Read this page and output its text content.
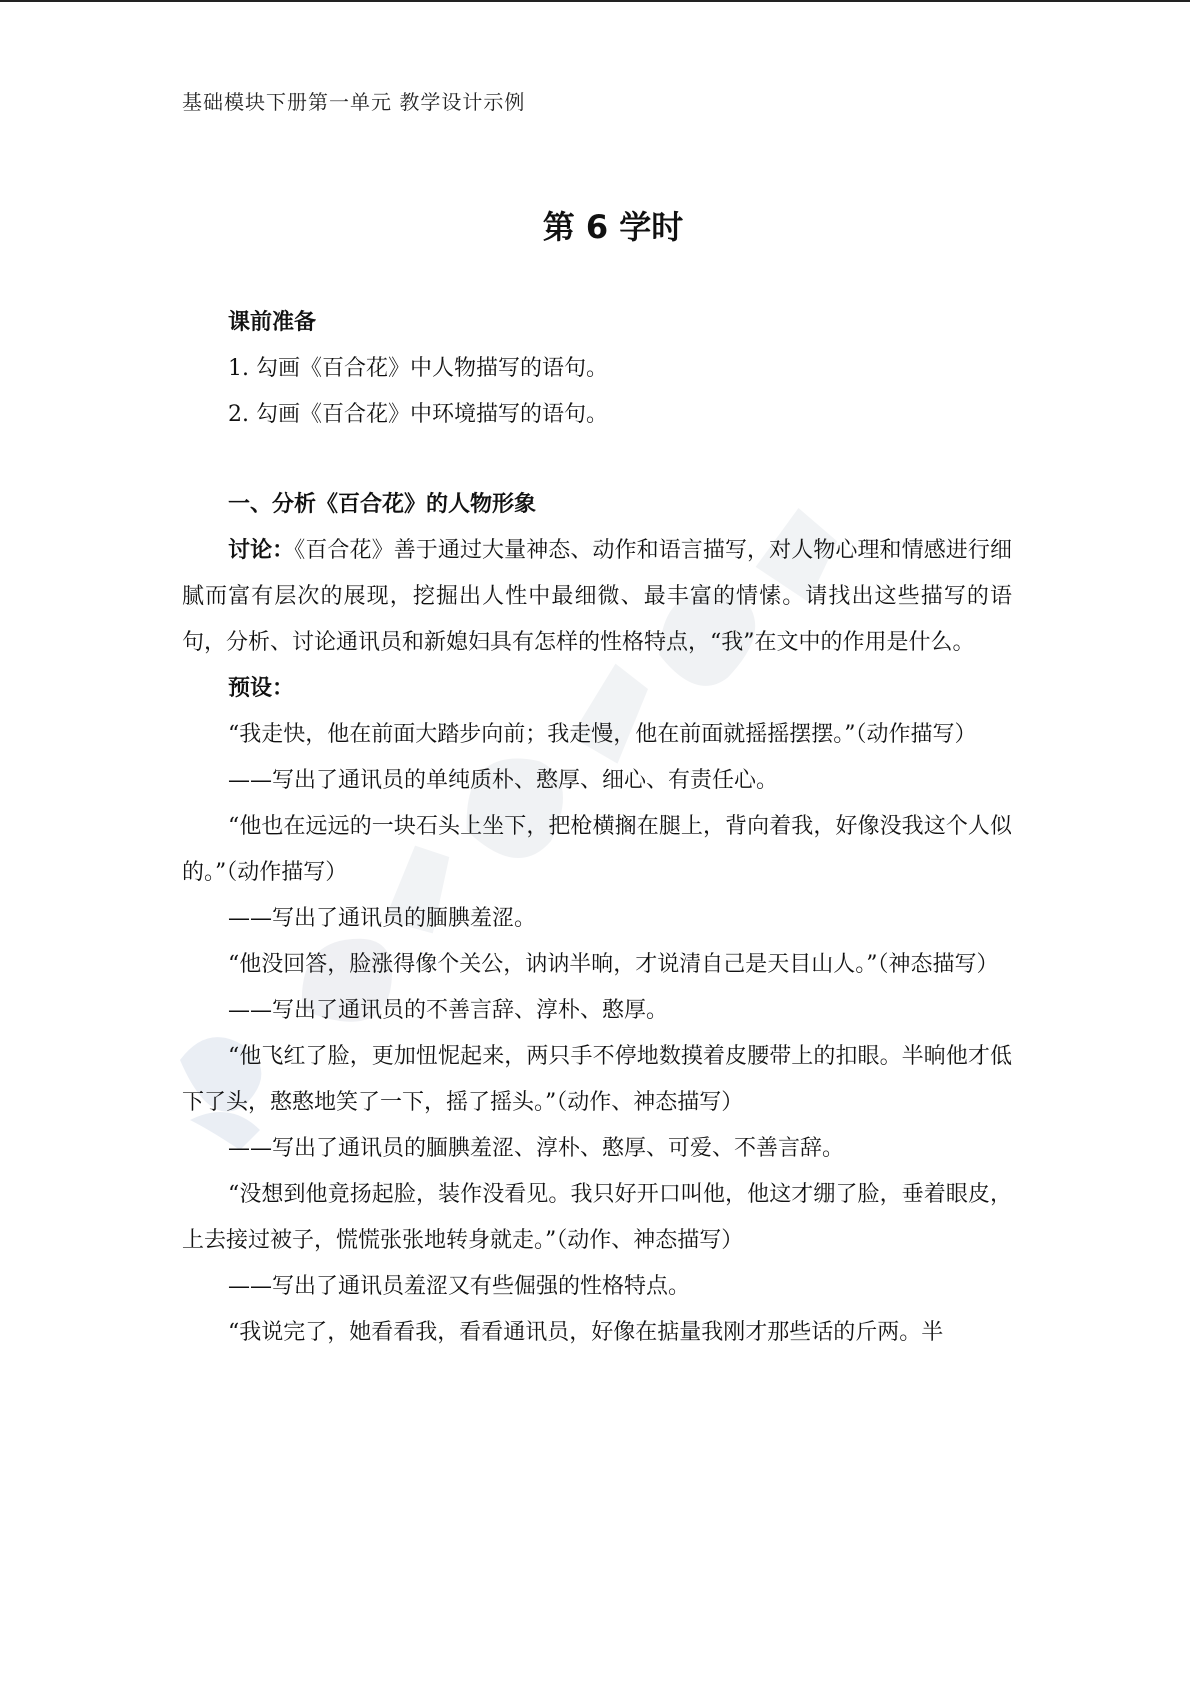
基础模块下册第一单元 教学设计示例
第 6 学时

课前准备

1. 勾画《百合花》中人物描写的语句。

2. 勾画《百合花》中环境描写的语句。

一、分析《百合花》的人物形象

讨论：《百合花》善于通过大量神态、动作和语言描写，对人物心理和情感进行细腻而富有层次的展现，挖掘出人性中最细微、最丰富的情愫。请找出这些描写的语句，分析、讨论通讯员和新媳妇具有怎样的性格特点，“我”在文中的作用是什么。

预设：

“我走快，他在前面大踏步向前；我走慢，他在前面就摇摇摆摆。”（动作描写）

——写出了通讯员的单纯质朴、憨厚、细心、有责任心。

“他也在远远的一块石头上坐下，把枪横搁在腿上，背向着我，好像没我这个人似的。”（动作描写）

——写出了通讯员的腼腆羞涩。

“他没回答，脸涨得像个关公，讷讷半晌，才说清自己是天目山人。”（神态描写）

——写出了通讯员的不善言辞、淳朴、憨厚。

“他飞红了脸，更加忸怩起来，两只手不停地数摸着皮腰带上的扣眼。半晌他才低下了头，憨憨地笑了一下，摇了摇头。”（动作、神态描写）

——写出了通讯员的腼腆羞涩、淳朴、憨厚、可爱、不善言辞。

“没想到他竟扬起脸，装作没看见。我只好开口叫他，他这才绷了脸，垂着眼皮，上去接过被子，慌慌张张地转身就走。”（动作、神态描写）

——写出了通讯员羞涩又有些倔强的性格特点。

“我说完了，她看看我，看看通讯员，好像在掂量我刚才那些话的斤两。半
